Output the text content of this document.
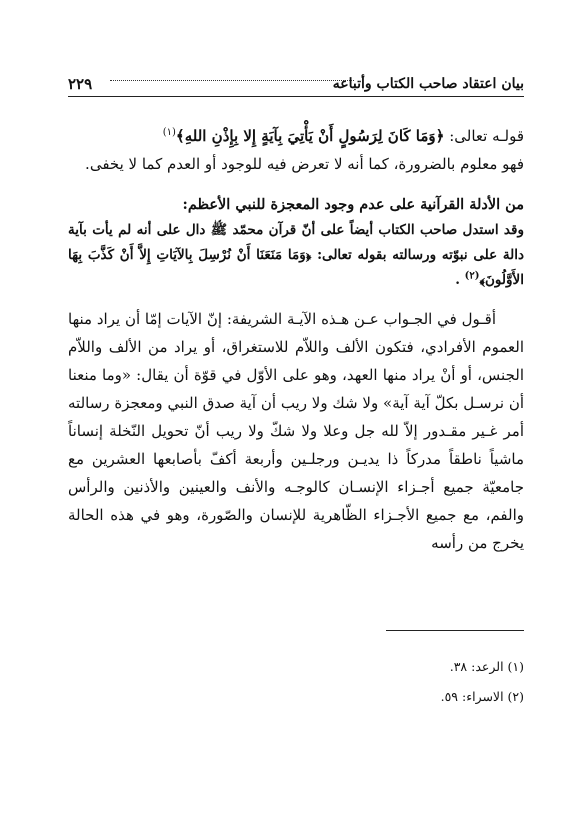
بيان اعتقاد صاحب الكتاب وأتباعه
٢٢٩

قولـه تعالى: ﴿وَمَا كَانَ لِرَسُولٍ أَنْ يَأْتِيَ بِآيَةٍ إِلا بِإِذْنِ اللهِ﴾$^{(١)}$

فهو معلوم بالضرورة، كما أنه لا تعرض فيه للوجود أو العدم كما لا يخفى.

من الأدلة القرآنية على عدم وجود المعجزة للنبي الأعظم:

وقد استدل صاحب الكتاب أيضاً على أنّ قرآن محمّد ﷺ دال على أنه لم يأت بآية دالة على نبوّته ورسالته بقوله تعالى: ﴿وَمَا مَنَعَنَا أَنْ نُرْسِلَ بِالآيَاتِ إِلاَّ أَنْ كَذَّبَ بِهَا الأَوَّلُونَ﴾$^{(٢)}$ .

أقـول في الجـواب عـن هـذه الآيـة الشريفة: إنّ الآيات إمّا أن يراد منها العموم الأفرادي، فتكون الألف واللاّم للاستغراق، أو يراد من الألف واللاّم الجنس، أو أنْ يراد منها العهد، وهو على الأوّل في قوّة أن يقال: «وما منعنا أن نرسـل بكلّ آية آية» ولا شك ولا ريب أن آية صدق النبي ومعجزة رسالته أمر غـير مقـدور إلاّ لله جل وعلا ولا شكّ ولا ريب أنّ تحويل النّخلة إنساناً ماشياً ناطقاً مدركاً ذا يديـن ورجلـين وأربعة أكفّ بأصابعها العشرين مع جامعيّة جميع أجـزاء الإنسـان كالوجـه والأنف والعينين والأذنين والرأس والفم، مع جميع الأجـزاء الظّاهرية للإنسان والصّورة، وهو في هذه الحالة يخرج من رأسه

(١) الرعد: ٣٨.
(٢) الاسراء: ٥٩.
